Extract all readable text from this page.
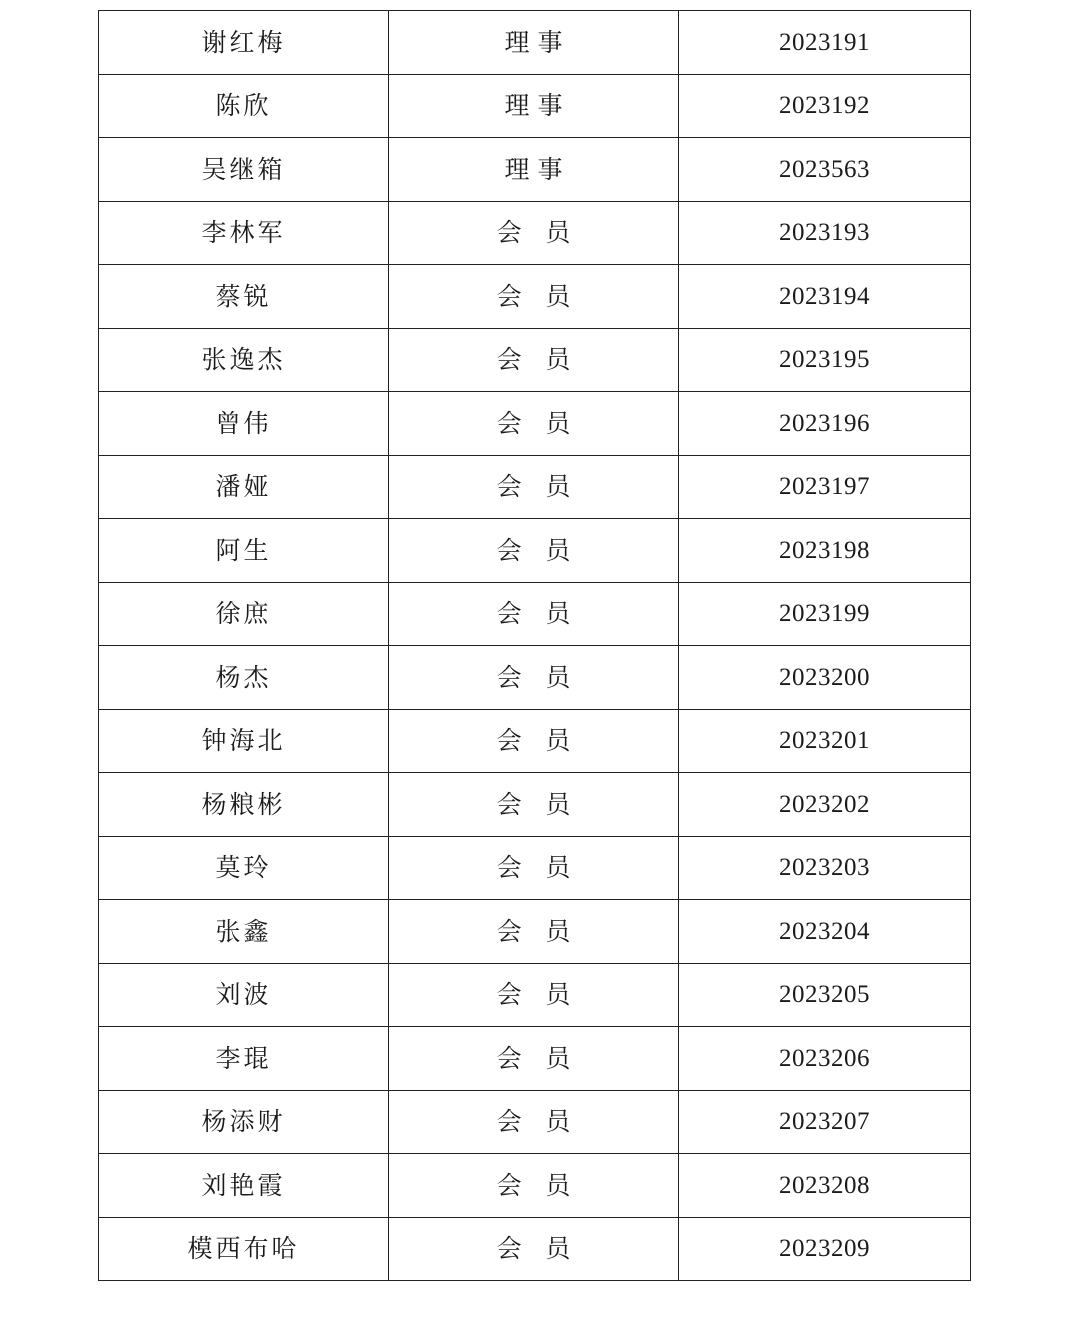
谢红梅	理 事	2023191
陈欣	理 事	2023192
吴继箱	理 事	2023563
李林军	会   员	2023193
蔡锐	会   员	2023194
张逸杰	会   员	2023195
曾伟	会   员	2023196
潘娅	会   员	2023197
阿生	会   员	2023198
徐庶	会   员	2023199
杨杰	会   员	2023200
钟海北	会   员	2023201
杨粮彬	会   员	2023202
莫玲	会   员	2023203
张鑫	会   员	2023204
刘波	会   员	2023205
李琨	会   员	2023206
杨添财	会   员	2023207
刘艳霞	会   员	2023208
模西布哈	会   员	2023209
